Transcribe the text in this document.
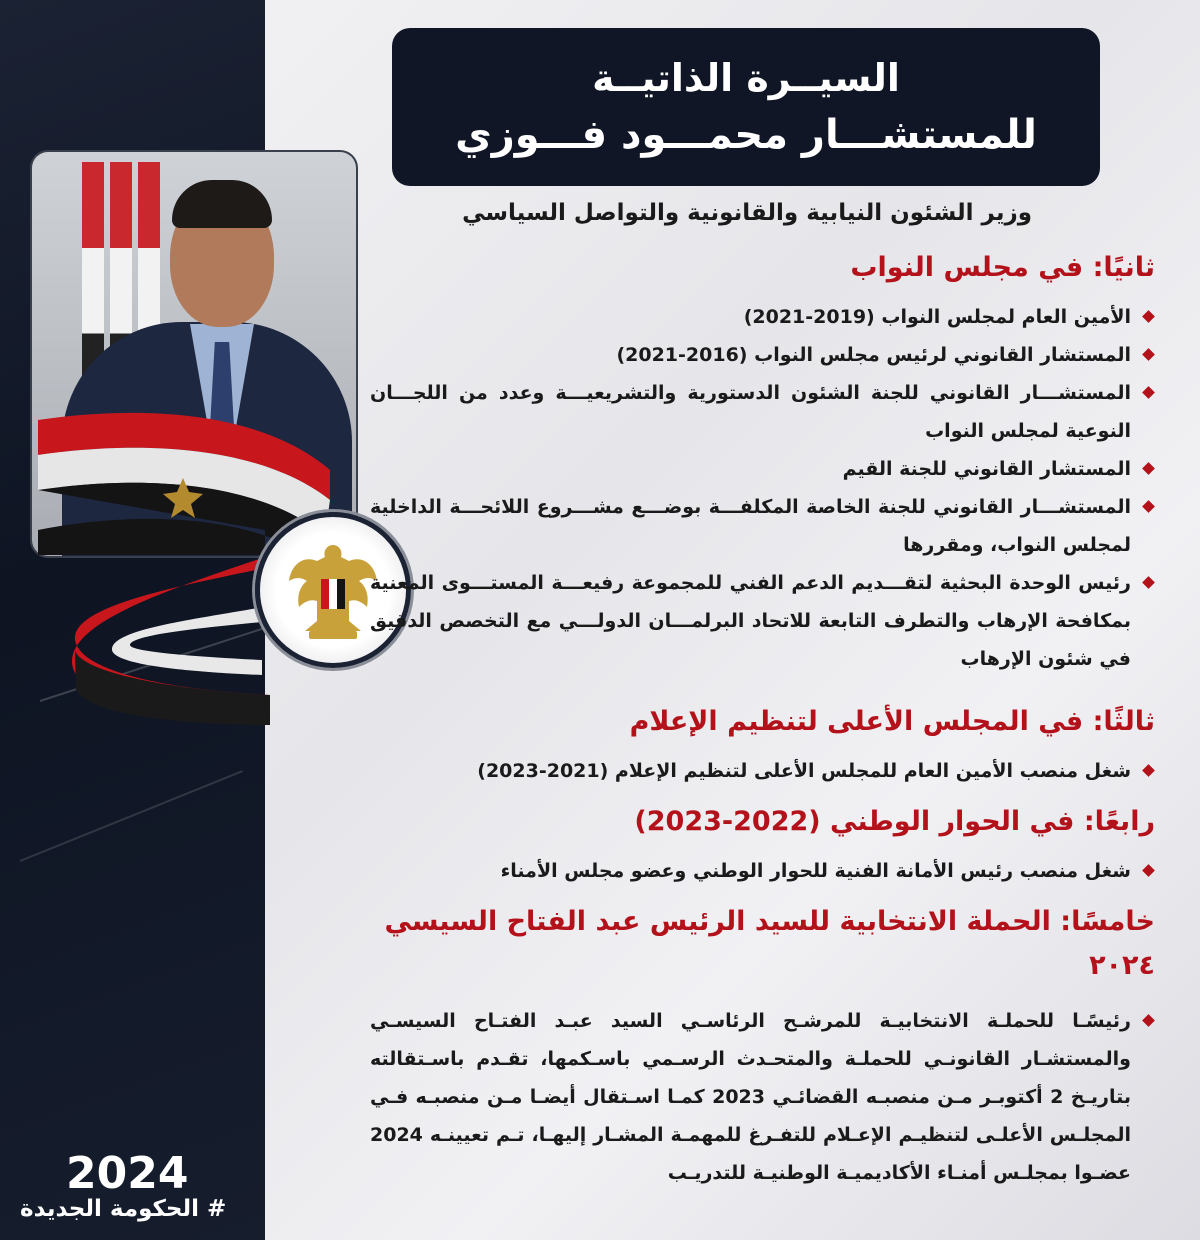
السيــرة الذاتيــة
للمستشـــار محمـــود فـــوزي
وزير الشئون النيابية والقانونية والتواصل السياسي
ثانيًا: في مجلس النواب
الأمين العام لمجلس النواب (2019-2021)
المستشار القانوني لرئيس مجلس النواب (2016-2021)
المستشـــار القانوني للجنة الشئون الدستورية والتشريعيـــة وعدد من اللجـــان النوعية لمجلس النواب
المستشار القانوني للجنة القيم
المستشـــار القانوني للجنة الخاصة المكلفـــة بوضـــع مشـــروع اللائحـــة الداخلية لمجلس النواب، ومقررها
رئيس الوحدة البحثية لتقـــديم الدعم الفني للمجموعة رفيعـــة المستـــوى المعنية بمكافحة الإرهاب والتطرف التابعة للاتحاد البرلمـــان الدولـــي مع التخصص الدقيق في شئون الإرهاب
ثالثًا: في المجلس الأعلى لتنظيم الإعلام
شغل منصب الأمين العام للمجلس الأعلى لتنظيم الإعلام (2021-2023)
رابعًا: في الحوار الوطني (2022-2023)
شغل منصب رئيس الأمانة الفنية للحوار الوطني وعضو مجلس الأمناء
خامسًا: الحملة الانتخابية للسيد الرئيس عبد الفتاح السيسي ٢٠٢٤
رئيسًـا للحملـة الانتخابيـة للمرشـح الرئاسـي السيد عبـد الفتـاح السيسـي والمستشـار القانونـي للحملـة والمتحـدث الرسـمي باسـكمها، تقـدم باسـتقالته بتاريـخ 2 أكتوبـر مـن منصبـه القضائـي 2023 كمـا اسـتقال أيضـا مـن منصبـه فـي المجلـس الأعلـى لتنظيـم الإعـلام للتفـرغ للمهمـة المشـار إليهـا، تـم تعيينـه 2024 عضـوا بمجلـس أمنـاء الأكاديميـة الوطنيـة للتدريـب
2024
# الحكومة الجديدة
